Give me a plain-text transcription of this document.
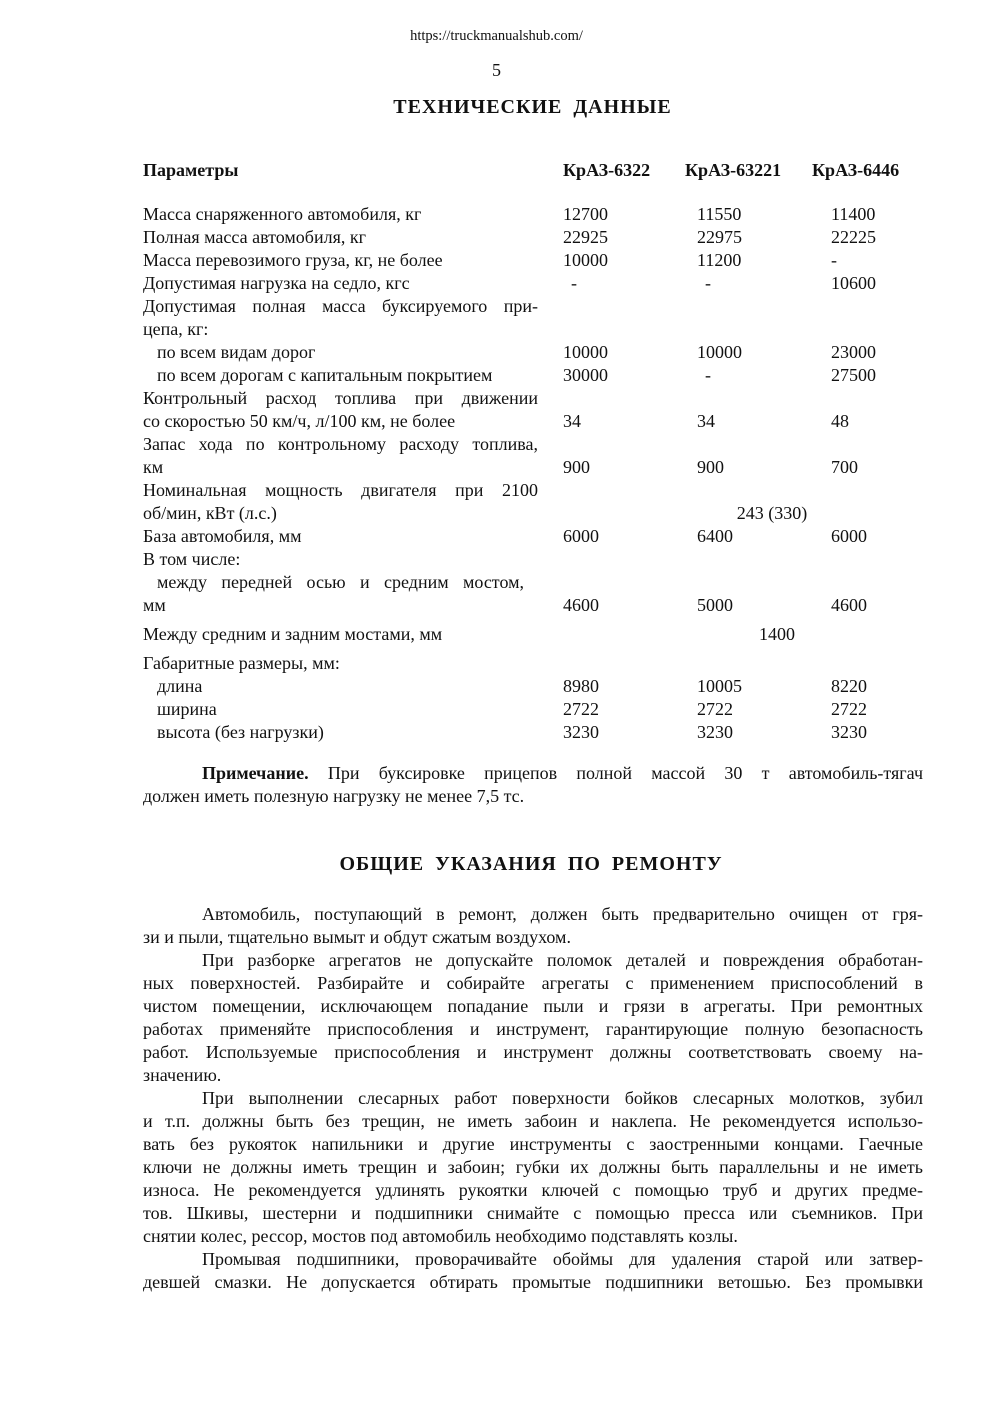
https://truckmanualshub.com/
5
ТЕХНИЧЕСКИЕ ДАННЫЕ
Параметры	КрАЗ-6322 КрАЗ-63221 КрАЗ-6446
Масса снаряженного автомобиля, кг	12700	11550	11400
Полная масса автомобиля, кг	22925	22975	22225
Масса перевозимого груза, кг, не более	10000	11200	-
Допустимая нагрузка на седло, кгс	-	-	10600
Допустимая полная масса буксируемого при-
цепа, кг:
по всем видам дорог	10000	10000	23000
по всем дорогам с капитальным покрытием	30000	-	27500
Контрольный расход топлива при движении
со скоростью 50 км/ч, л/100 км, не более	34	34	48
Запас хода по контрольному расходу топлива,
км	900	900	700
Номинальная мощность двигателя при 2100
об/мин, кВт (л.с.)	243 (330)
База автомобиля, мм	6000	6400	6000
В том числе:
между передней осью и средним мостом,
мм	4600	5000	4600
Между средним и задним мостами, мм	1400
Габаритные размеры, мм:
длина	8980	10005	8220
ширина	2722	2722	2722
высота (без нагрузки)	3230	3230	3230

Примечание. При буксировке прицепов полной массой 30 т автомобиль-тягач

должен иметь полезную нагрузку не менее 7,5 тс.

ОБЩИЕ УКАЗАНИЯ ПО РЕМОНТУ
Автомобиль, поступающий в ремонт, должен быть предварительно очищен от гря-
зи и пыли, тщательно вымыт и обдут сжатым воздухом.
При разборке агрегатов не допускайте поломок деталей и повреждения обработан-
ных поверхностей. Разбирайте и собирайте агрегаты с применением приспособлений в
чистом помещении, исключающем попадание пыли и грязи в агрегаты. При ремонтных
работах применяйте приспособления и инструмент, гарантирующие полную безопасность
работ. Используемые приспособления и инструмент должны соответствовать своему на-
значению.
При выполнении слесарных работ поверхности бойков слесарных молотков, зубил
и т.п. должны быть без трещин, не иметь забоин и наклепа. Не рекомендуется использо-
вать без рукояток напильники и другие инструменты с заостренными концами. Гаечные
ключи не должны иметь трещин и забоин; губки их должны быть параллельны и не иметь
износа. Не рекомендуется удлинять рукоятки ключей с помощью труб и других предме-
тов. Шкивы, шестерни и подшипники снимайте с помощью пресса или съемников. При
снятии колес, рессор, мостов под автомобиль необходимо подставлять козлы.
Промывая подшипники, проворачивайте обоймы для удаления старой или затвер-
девшей смазки. Не допускается обтирать промытые подшипники ветошью. Без промывки
